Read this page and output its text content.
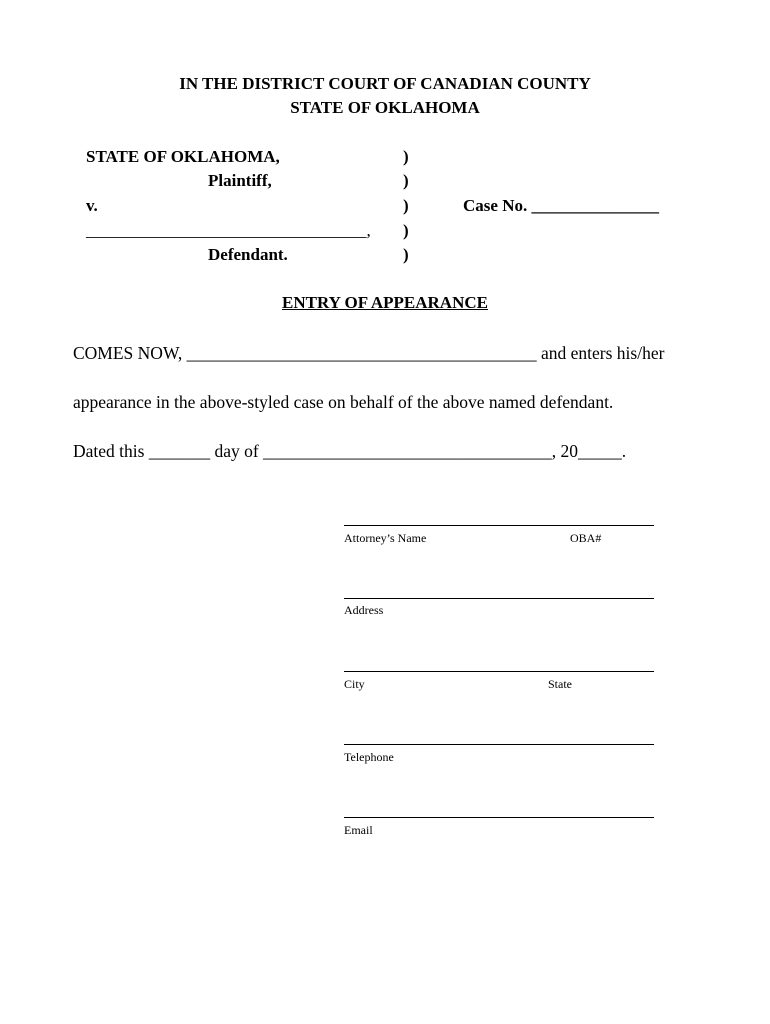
IN THE DISTRICT COURT OF CANADIAN COUNTY
STATE OF OKLAHOMA
STATE OF OKLAHOMA,
Plaintiff,
v.
_________________________________,
Defendant.
)
)
)
)
)
Case No. _______________
ENTRY OF APPEARANCE
COMES NOW, ________________________________________ and enters his/her
appearance in the above-styled case on behalf of the above named defendant.
Dated this _______ day of _________________________________, 20_____.
Attorney’s Name	OBA#
Address
City	State
Telephone
Email
